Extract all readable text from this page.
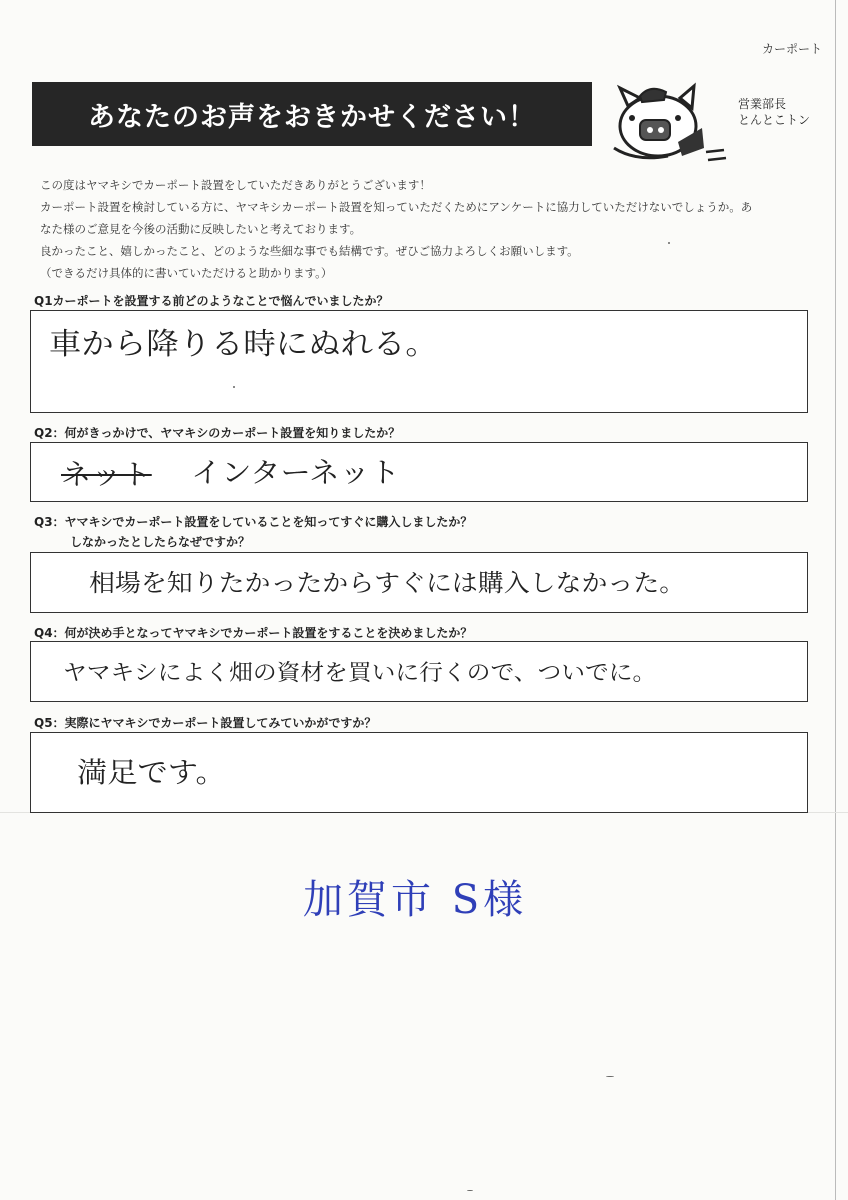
カーポート
あなたのお声をおきかせください！	営業部長
とんとこトン
この度はヤマキシでカーポート設置をしていただきありがとうございます！
カーポート設置を検討している方に、ヤマキシカーポート設置を知っていただくためにアンケートに協力していただけないでしょうか。あ
なた様のご意見を今後の活動に反映したいと考えております。
良かったこと、嬉しかったこと、どのような些細な事でも結構です。ぜひご協力よろしくお願いします。
（できるだけ具体的に書いていただけると助かります。）
Q1カーポートを設置する前どのようなことで悩んでいましたか？
車から降りる時にぬれる。
Q2：何がきっかけで、ヤマキシのカーポート設置を知りましたか？
ネット インターネット
Q3：ヤマキシでカーポート設置をしていることを知ってすぐに購入しましたか？
しなかったとしたらなぜですか？
相場を知りたかったからすぐには購入しなかった。
Q4：何が決め手となってヤマキシでカーポート設置をすることを決めましたか？
ヤマキシによく畑の資材を買いに行くので、ついでに。
Q5：実際にヤマキシでカーポート設置してみていかがですか？
満足です。
加賀市 S様
